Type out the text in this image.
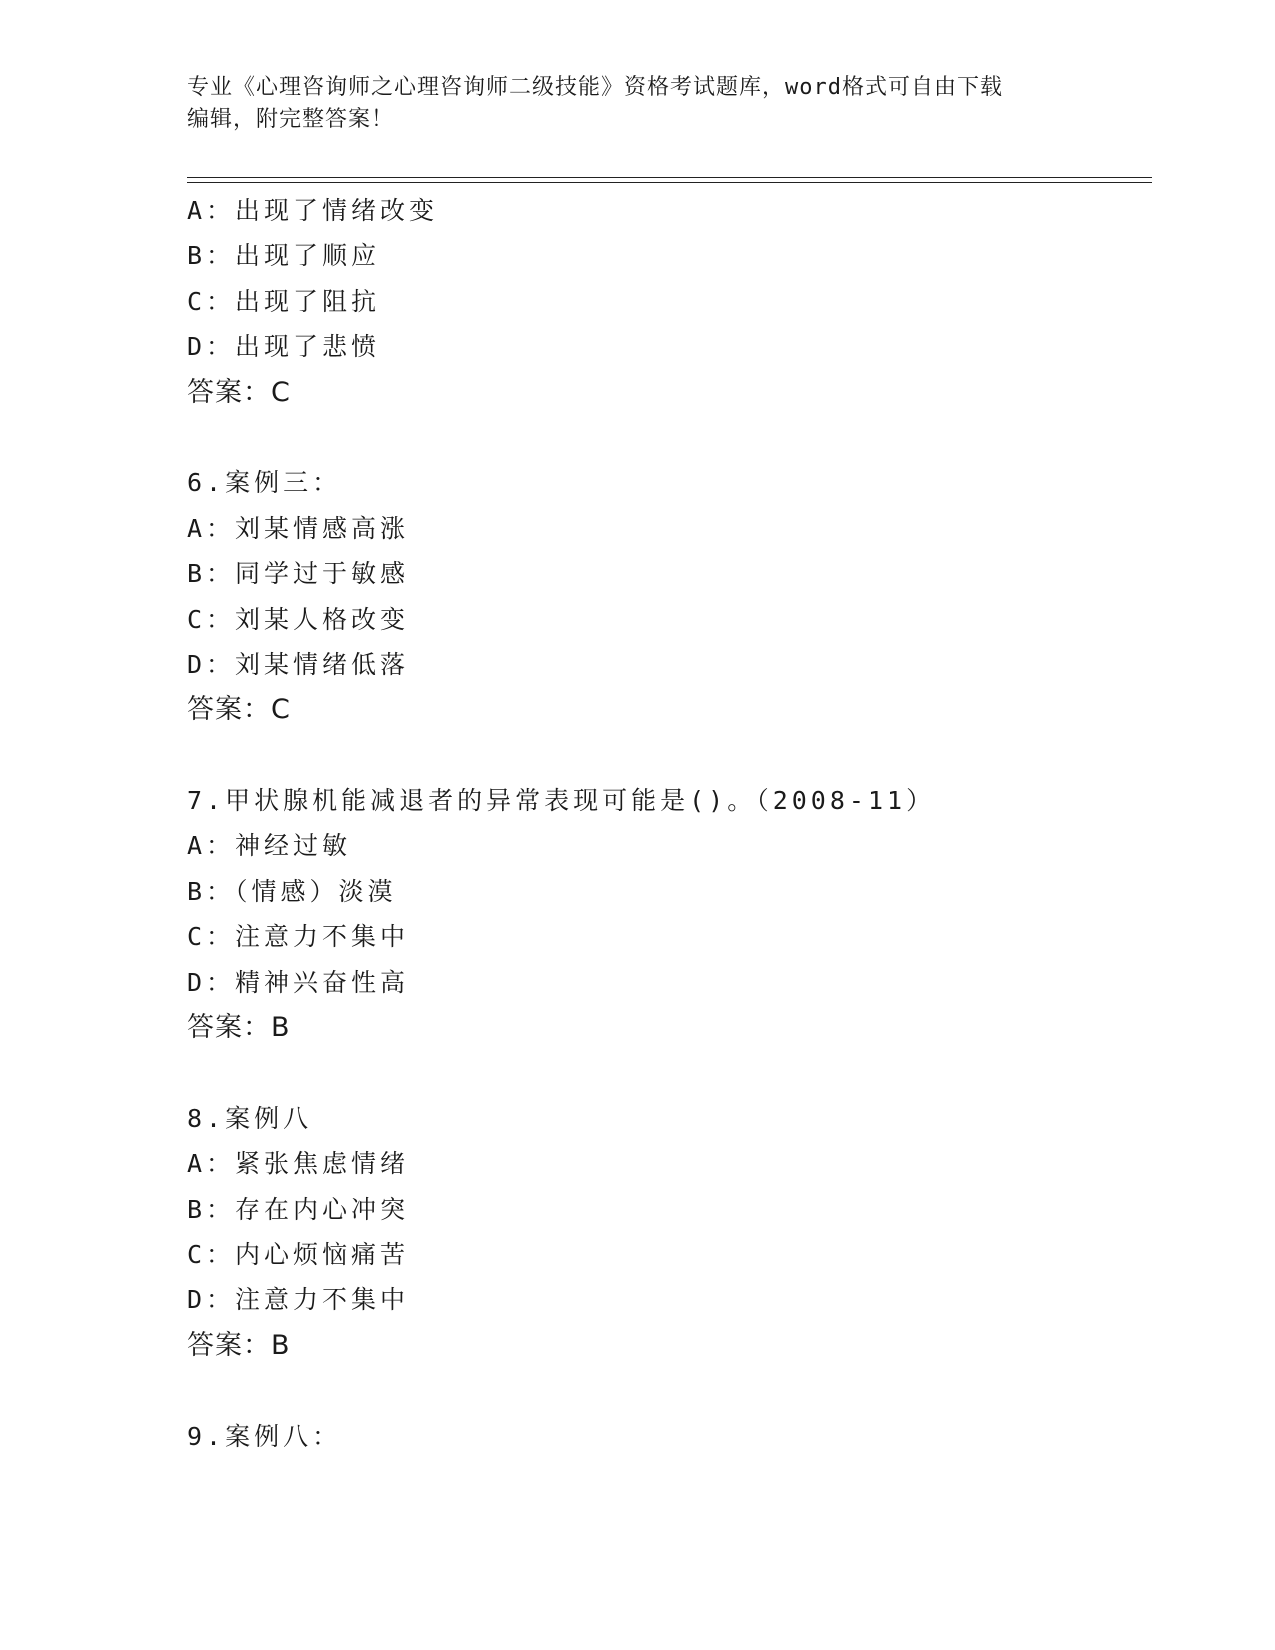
专业《心理咨询师之心理咨询师二级技能》资格考试题库，word格式可自由下载
编辑，附完整答案！
A：出现了情绪改变
B：出现了顺应
C：出现了阻抗
D：出现了悲愤
答案：C
6.案例三：
A：刘某情感高涨
B：同学过于敏感
C：刘某人格改变
D：刘某情绪低落
答案：C
7.甲状腺机能减退者的异常表现可能是()。（2008-11）
A：神经过敏
B：（情感）淡漠
C：注意力不集中
D：精神兴奋性高
答案：B
8.案例八
A：紧张焦虑情绪
B：存在内心冲突
C：内心烦恼痛苦
D：注意力不集中
答案：B
9.案例八：
